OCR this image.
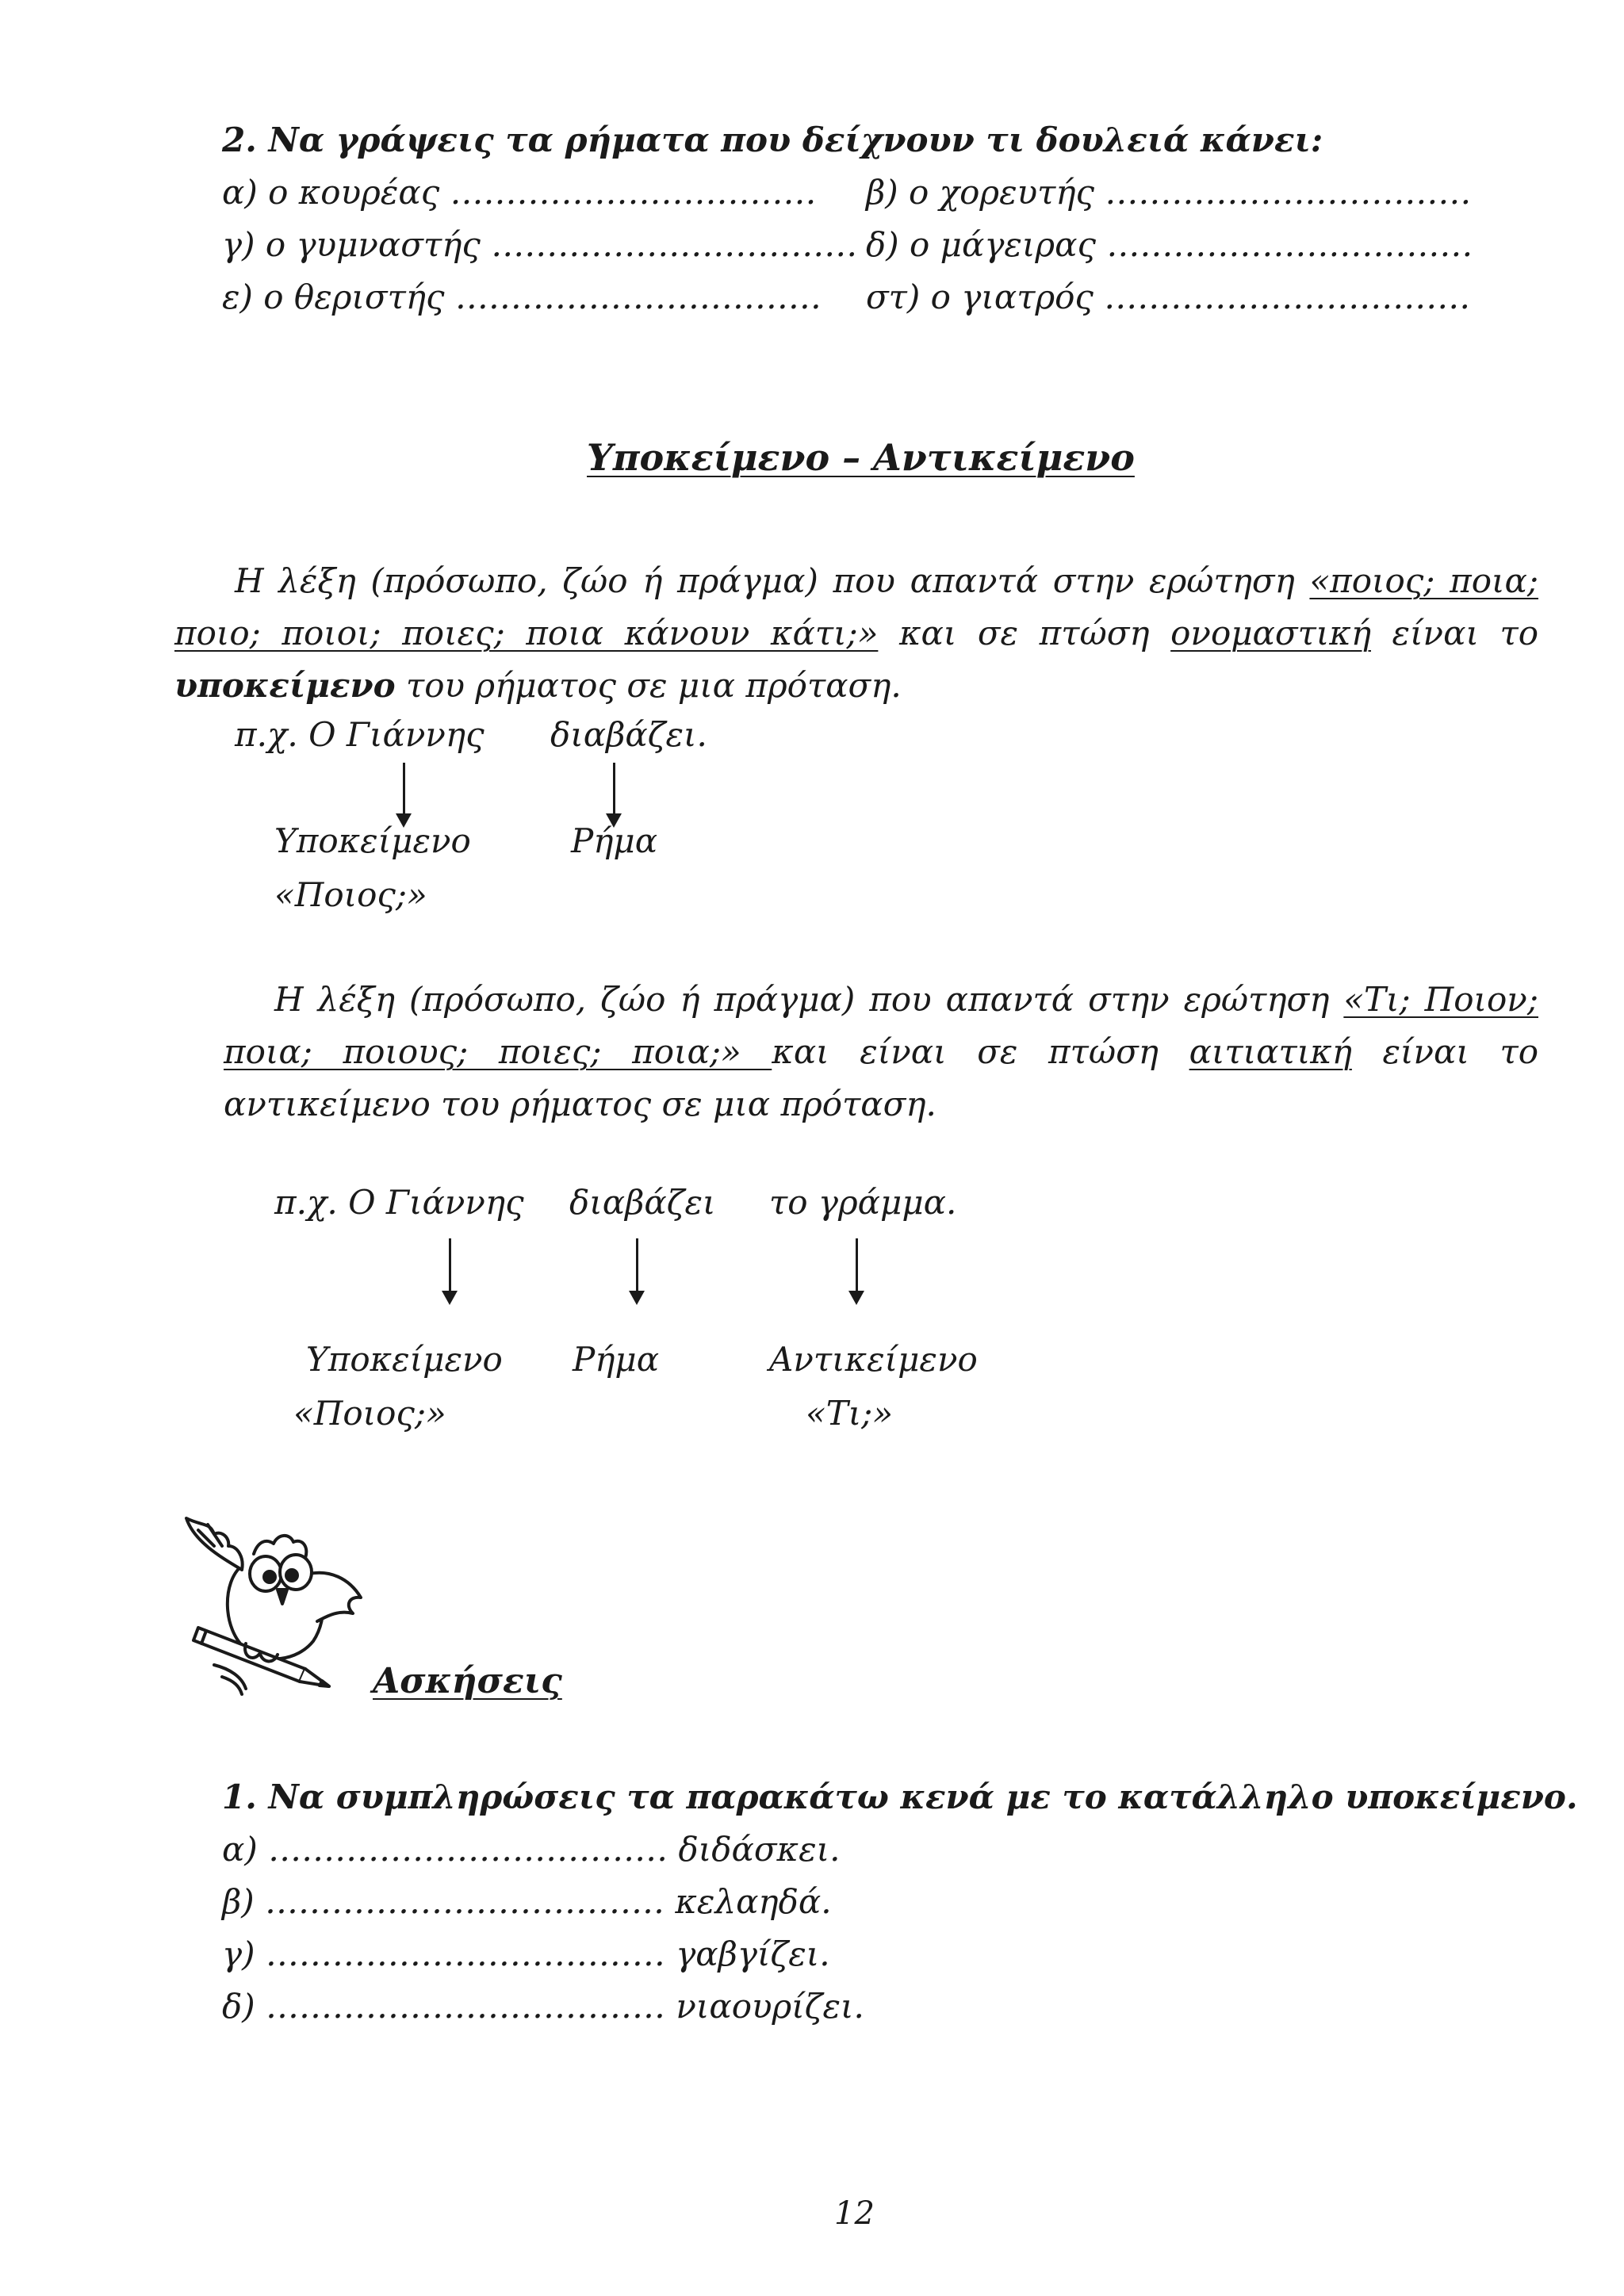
2. Να γράψεις τα ρήματα που δείχνουν τι δουλειά κάνει:
α) ο κουρέας …………………………… β) ο χορευτής ……………………………
γ) ο γυμναστής …………………………… δ) ο μάγειρας ……………………………
ε) ο θεριστής …………………………… στ) ο γιατρός ……………………………
Υποκείμενο – Αντικείμενο
Η λέξη (πρόσωπο, ζώο ή πράγμα) που απαντά στην ερώτηση «ποιος; ποια; ποιο; ποιοι; ποιες; ποια κάνουν κάτι;» και σε πτώση ονομαστική είναι το υποκείμενο του ρήματος σε μια πρόταση.
π.χ. Ο Γιάννης διαβάζει.
Υποκείμενο	Ρήμα
«Ποιος;»
Η λέξη (πρόσωπο, ζώο ή πράγμα) που απαντά στην ερώτηση «Τι; Ποιον; ποια; ποιους; ποιες; ποια;» και είναι σε πτώση αιτιατική είναι το αντικείμενο του ρήματος σε μια πρόταση.
π.χ. Ο Γιάννης διαβάζει το γράμμα.
Υποκείμενο Ρήμα	Αντικείμενο
«Ποιος;»	«Τι;»
Ασκήσεις
1. Να συμπληρώσεις τα παρακάτω κενά με το κατάλληλο υποκείμενο.
α) ……………………………… διδάσκει.
β) ……………………………… κελαηδά.
γ) ……………………………… γαβγίζει.
δ) ……………………………… νιαουρίζει.
12
